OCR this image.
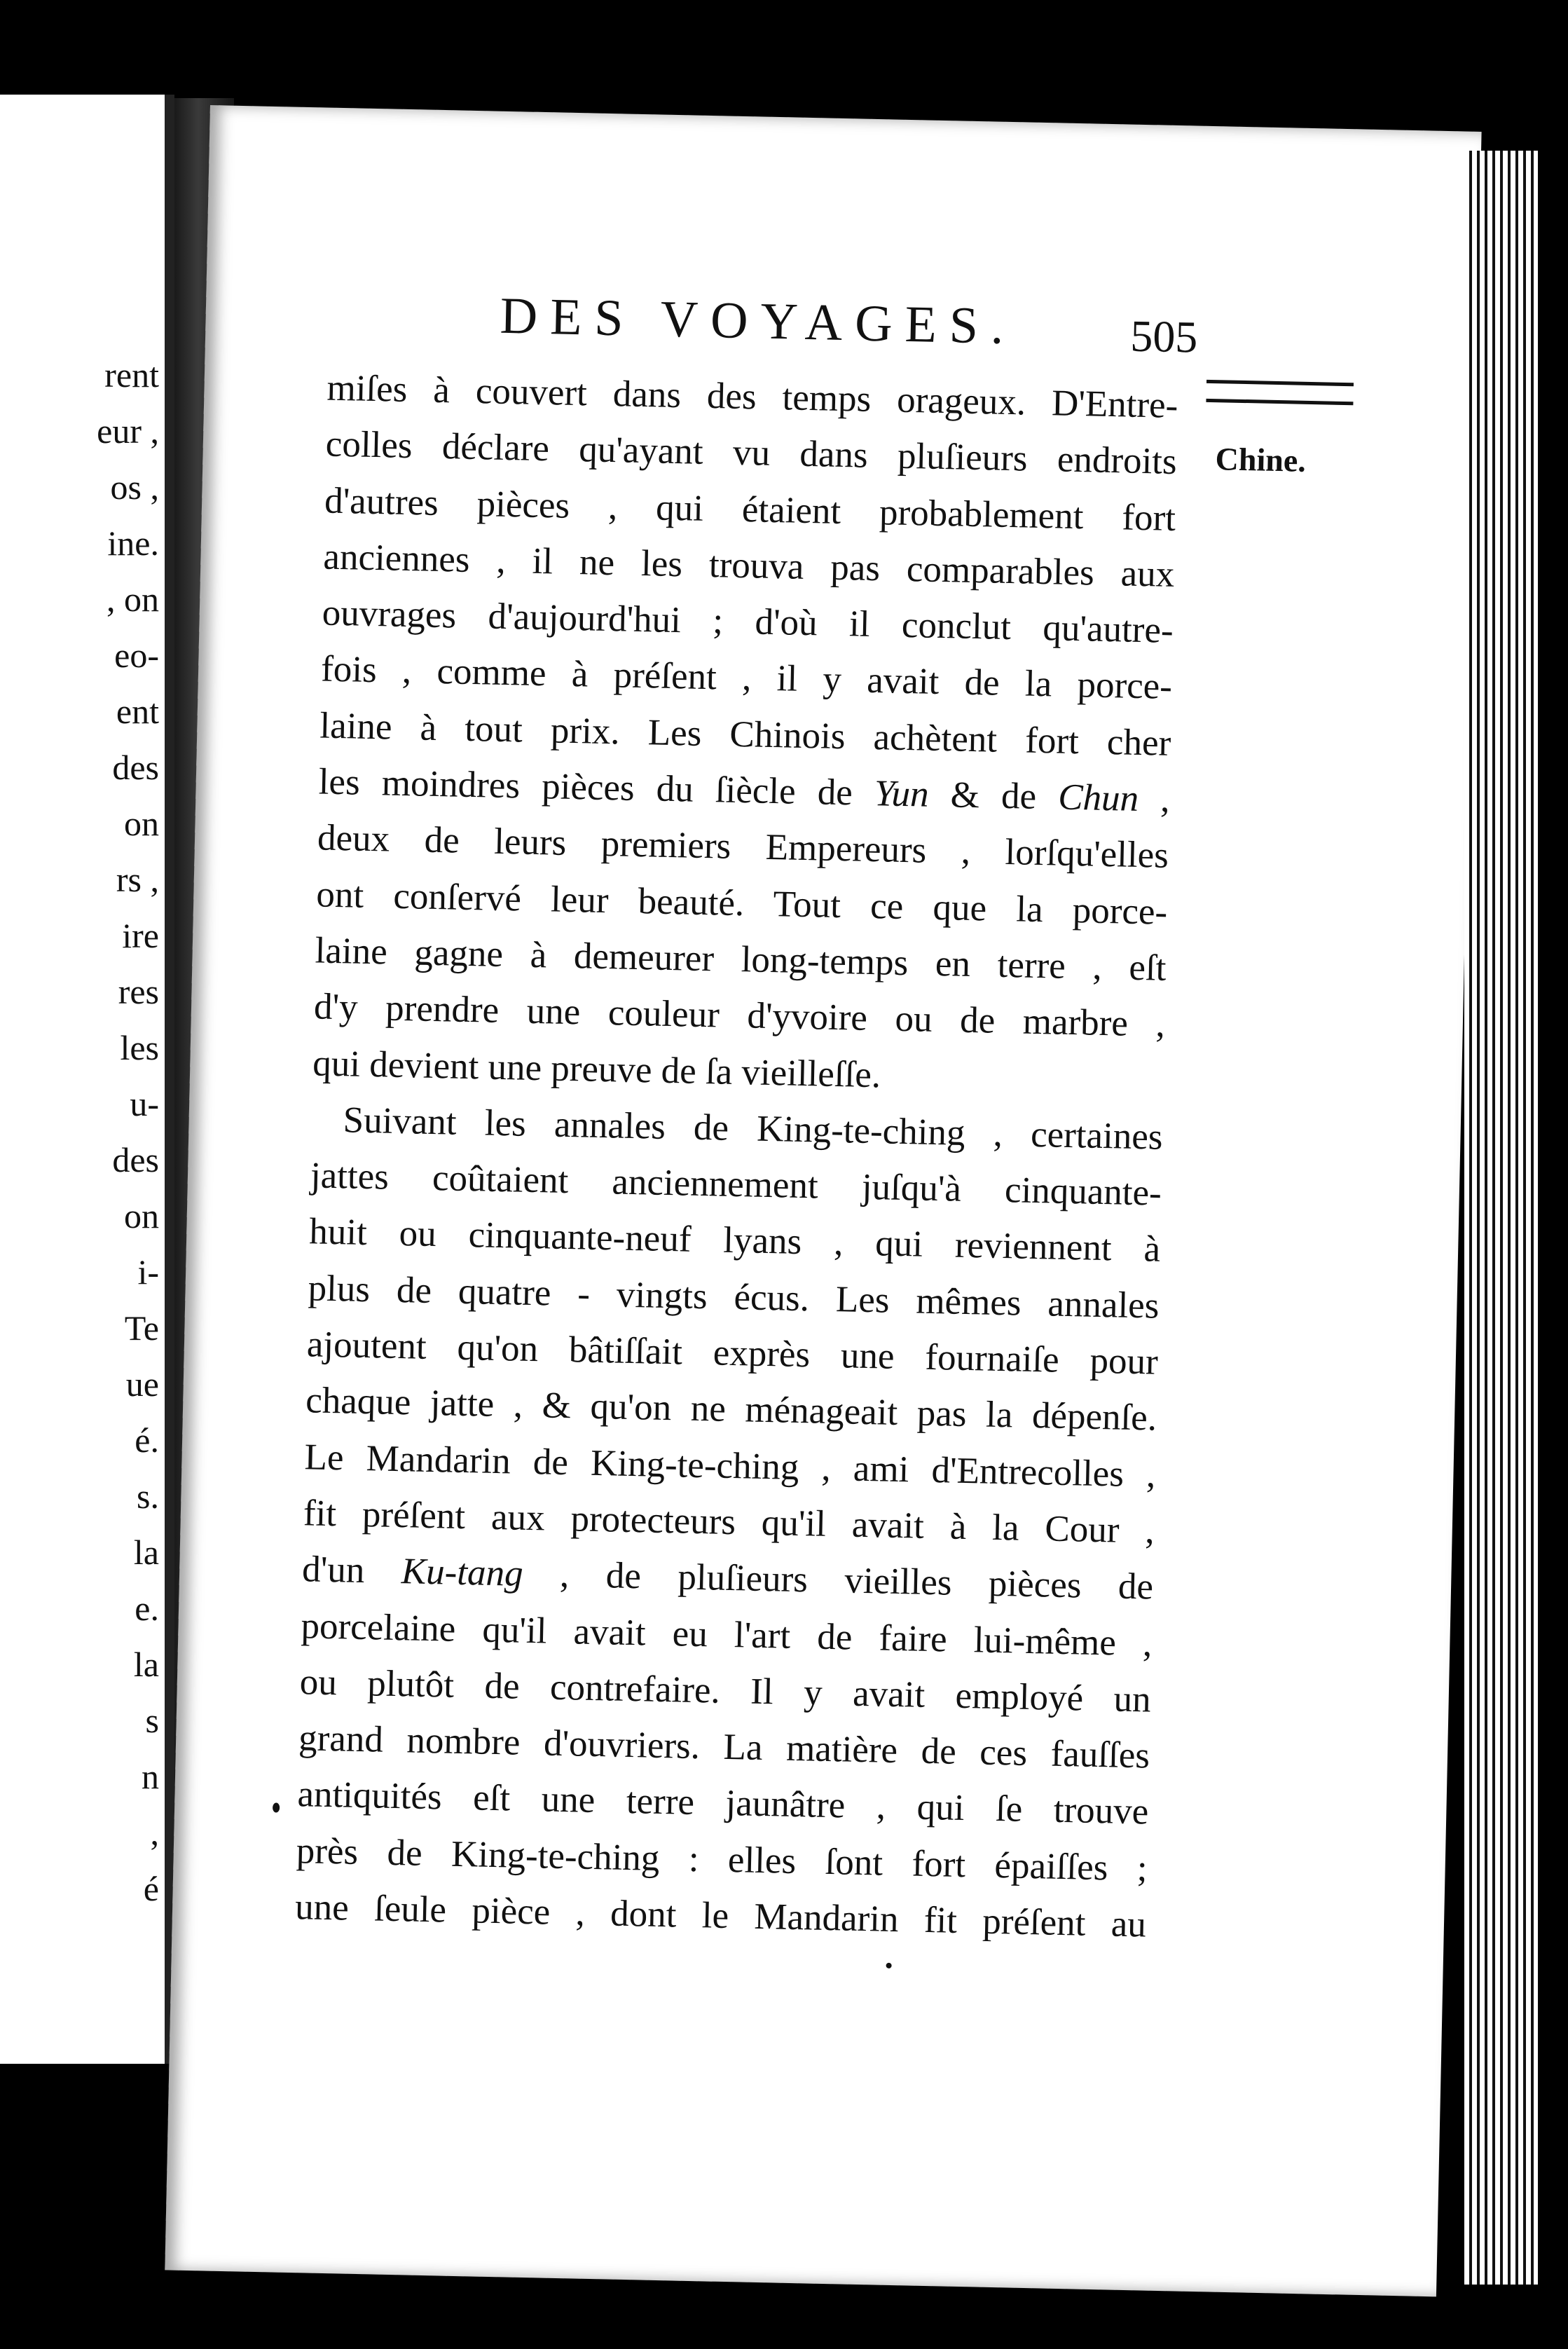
rent
eur ,
os ,
ine.
, on
eo-
ent
des
on
rs ,
ire
res
les
u-
des
on
i-
Te
ue
é.
s.
la
e.
la
s
n
,
é
DES VOYAGES.	505
Chine.
miſes à couvert dans des temps orageux. D'Entre-
colles déclare qu'ayant vu dans pluſieurs endroits
d'autres pièces , qui étaient probablement fort
anciennes , il ne les trouva pas comparables aux
ouvrages d'aujourd'hui ; d'où il conclut qu'autre-
fois , comme à préſent , il y avait de la porce-
laine à tout prix. Les Chinois achètent fort cher
les moindres pièces du ſiècle de Yun & de Chun ,
deux de leurs premiers Empereurs , lorſqu'elles
ont conſervé leur beauté. Tout ce que la porce-
laine gagne à demeurer long-temps en terre , eſt
d'y prendre une couleur d'yvoire ou de marbre ,
qui devient une preuve de ſa vieilleſſe.
Suivant les annales de King-te-ching , certaines
jattes coûtaient anciennement juſqu'à cinquante-
huit ou cinquante-neuf lyans , qui reviennent à
plus de quatre - vingts écus. Les mêmes annales
ajoutent qu'on bâtiſſait exprès une fournaiſe pour
chaque jatte , & qu'on ne ménageait pas la dépenſe.
Le Mandarin de King-te-ching , ami d'Entrecolles ,
fit préſent aux protecteurs qu'il avait à la Cour ,
d'un Ku-tang , de pluſieurs vieilles pièces de
porcelaine qu'il avait eu l'art de faire lui-même ,
ou plutôt de contrefaire. Il y avait employé un
grand nombre d'ouvriers. La matière de ces fauſſes
antiquités eſt une terre jaunâtre , qui ſe trouve
près de King-te-ching : elles ſont fort épaiſſes ;
une ſeule pièce , dont le Mandarin fit préſent au
